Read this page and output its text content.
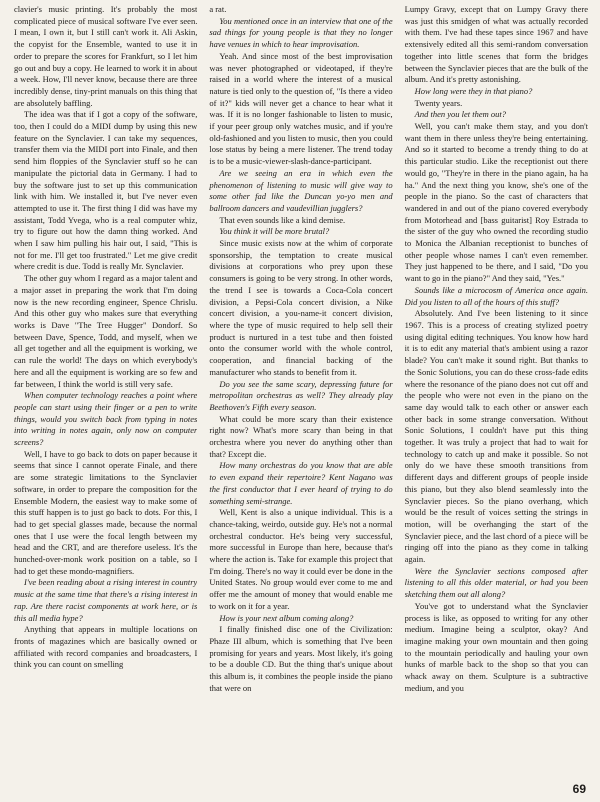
clavier's music printing. It's probably the most complicated piece of musical software I've ever seen. I mean, I own it, but I still can't work it. Ali Askin, the copyist for the Ensemble, wanted to use it in order to prepare the scores for Frankfurt, so I let him go out and buy a copy. He learned to work it in about a week. How, I'll never know, because there are three incredibly dense, tiny-print manuals on this thing that are absolutely baffling.

The idea was that if I got a copy of the software, too, then I could do a MIDI dump by using this new feature on the Synclavier. I can take my sequences, transfer them via the MIDI port into Finale, and then send him floppies of the Synclavier stuff so he can manipulate the pictorial data in Germany. I had to buy the software just to set up this communication link with him. We installed it, but I've never even attempted to use it. The first thing I did was have my assistant, Todd Yvega, who is a real computer whiz, try to figure out how the damn thing worked. And when I saw him pulling his hair out, I said, "This is not for me. I'll get too frustrated." Let me give credit where credit is due. Todd is really Mr. Synclavier.

The other guy whom I regard as a major talent and a major asset in preparing the work that I'm doing now is the new recording engineer, Spence Chrislu. And this other guy who makes sure that everything works is Dave "The Tree Hugger" Dondorf. So between Dave, Spence, Todd, and myself, when we all get together and all the equipment is working, we can rule the world! The days on which everybody's here and all the equipment is working are so few and far between, I think the world is still very safe.

When computer technology reaches a point where people can start using their finger or a pen to write things, would you switch back from typing in notes into writing in notes again, only now on computer screens?

Well, I have to go back to dots on paper because it seems that since I cannot operate Finale, and there are some strategic limitations to the Synclavier software, in order to prepare the composition for the Ensemble Modern, the easiest way to make some of this stuff happen is to just go back to dots. For this, I had to get special glasses made, because the normal ones that I use were the focal length between my head and the CRT, and are therefore useless. It's the hunched-over-monk work position on a table, so I had to get these mondo-magnifiers.

I've been reading about a rising interest in country music at the same time that there's a rising interest in rap. Are there racist components at work here, or is this all media hype?

Anything that appears in multiple locations on fronts of magazines which are basically owned or affiliated with record companies and broadcasters, I think you can count on smelling

a rat.

You mentioned once in an interview that one of the sad things for young people is that they no longer have venues in which to hear improvisation.

Yeah. And since most of the best improvisation was never photographed or videotaped, if they're raised in a world where the interest of a musical nature is tied only to the question of, "Is there a video of it?" kids will never get a chance to hear what it was. If it is no longer fashionable to listen to music, if your peer group only watches music, and if you're old-fashioned and you listen to music, then you could lose status by being a mere listener. The trend today is to be a music-viewer-slash-dance-participant.

Are we seeing an era in which even the phenomenon of listening to music will give way to some other fad like the Duncan yo-yo men and ballroom dancers and vaudevillian jugglers?

That even sounds like a kind demise.

You think it will be more brutal?

Since music exists now at the whim of corporate sponsorship, the temptation to create musical divisions at corporations who prey upon these consumers is going to be very strong. In other words, the trend I see is towards a Coca-Cola concert division, a Pepsi-Cola concert division, a Nike concert division, a you-name-it concert division, where the type of music required to help sell their product is nurtured in a test tube and then foisted onto the consumer world with the whole control, cooperation, and financial backing of the manufacturer who stands to benefit from it.

Do you see the same scary, depressing future for metropolitan orchestras as well? They already play Beethoven's Fifth every season.

What could be more scary than their existence right now? What's more scary than being in that orchestra where you never do anything other than that? Except die.

How many orchestras do you know that are able to even expand their repertoire? Kent Nagano was the first conductor that I ever heard of trying to do something semi-strange.

Well, Kent is also a unique individual. This is a chance-taking, weirdo, outside guy. He's not a normal orchestral conductor. He's being very successful, more successful in Europe than here, because that's where the action is. Take for example this project that I'm doing. There's no way it could ever be done in the United States. No group would ever come to me and offer me the amount of money that would enable me to work on it for a year.

How is your next album coming along?

I finally finished disc one of the Civilization: Phaze III album, which is something that I've been promising for years and years. Most likely, it's going to be a double CD. But the thing that's unique about this album is, it combines the people inside the piano that were on

Lumpy Gravy, except that on Lumpy Gravy there was just this smidgen of what was actually recorded with them. I've had these tapes since 1967 and have extensively edited all this semi-random conversation together into little scenes that form the bridges between the Synclavier pieces that are the bulk of the album. And it's pretty astonishing.

How long were they in that piano?

Twenty years.

And then you let them out?

Well, you can't make them stay, and you don't want them in there unless they're being entertaining. And so it started to become a trendy thing to do at this particular studio. Like the receptionist out there would go, "They're in there in the piano again, ha ha ha." And the next thing you know, she's one of the people in the piano. So the cast of characters that wandered in and out of the piano covered everybody from Motorhead and [bass guitarist] Roy Estrada to the sister of the guy who owned the recording studio to Monica the Albanian receptionist to bunches of other people whose names I can't even remember. They just happened to be there, and I said, "Do you want to go in the piano?" And they said, "Yes."

Sounds like a microcosm of America once again. Did you listen to all of the hours of this stuff?

Absolutely. And I've been listening to it since 1967. This is a process of creating stylized poetry using digital editing techniques. You know how hard it is to edit any material that's ambient using a razor blade? You can't make it sound right. But thanks to the Sonic Solutions, you can do these cross-fade edits where the resonance of the piano does not cut off and the people who were not even in the piano on the same day would talk to each other or answer each other back in some strange conversation. Without Sonic Solutions, I couldn't have put this thing together. It was truly a project that had to wait for technology to catch up and make it possible. So not only do we have these smooth transitions from different days and different groups of people inside this piano, but they also blend seamlessly into the Synclavier pieces. So the piano overhang, which would be the result of voices setting the strings in motion, will be overhanging the start of the Synclavier piece, and the last chord of a piece will be ringing off into the piano as they come in talking again.

Were the Synclavier sections composed after listening to all this older material, or had you been sketching them out all along?

You've got to understand what the Synclavier process is like, as opposed to writing for any other medium. Imagine being a sculptor, okay? And imagine making your own mountain and then going to the mountain periodically and hauling your own hunks of marble back to the shop so that you can whack away on them. Sculpture is a subtractive medium, and you

69
